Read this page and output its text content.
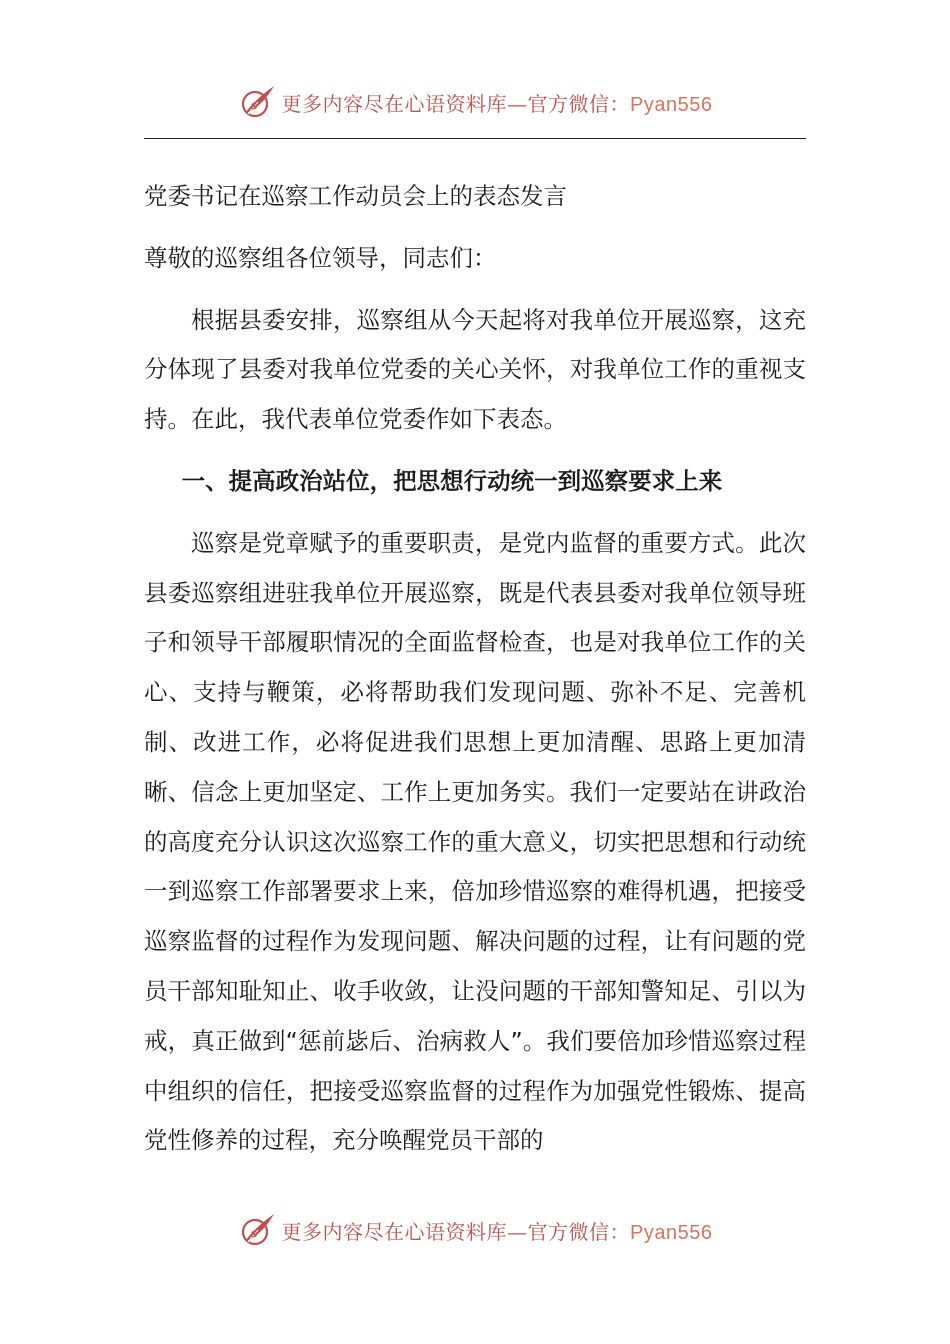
s 更多内容尽在心语资料库—官方微信：Pyan556

党委书记在巡察工作动员会上的表态发言

尊敬的巡察组各位领导，同志们：

根据县委安排，巡察组从今天起将对我单位开展巡察，这充分体现了县委对我单位党委的关心关怀，对我单位工作的重视支持。在此，我代表单位党委作如下表态。

一、提高政治站位，把思想行动统一到巡察要求上来

巡察是党章赋予的重要职责，是党内监督的重要方式。此次县委巡察组进驻我单位开展巡察，既是代表县委对我单位领导班子和领导干部履职情况的全面监督检查，也是对我单位工作的关心、支持与鞭策，必将帮助我们发现问题、弥补不足、完善机制、改进工作，必将促进我们思想上更加清醒、思路上更加清晰、信念上更加坚定、工作上更加务实。我们一定要站在讲政治的高度充分认识这次巡察工作的重大意义，切实把思想和行动统一到巡察工作部署要求上来，倍加珍惜巡察的难得机遇，把接受巡察监督的过程作为发现问题、解决问题的过程，让有问题的党员干部知耻知止、收手收敛，让没问题的干部知警知足、引以为戒，真正做到“惩前毖后、治病救人”。我们要倍加珍惜巡察过程中组织的信任，把接受巡察监督的过程作为加强党性锻炼、提高党性修养的过程，充分唤醒党员干部的

s 更多内容尽在心语资料库—官方微信：Pyan556
